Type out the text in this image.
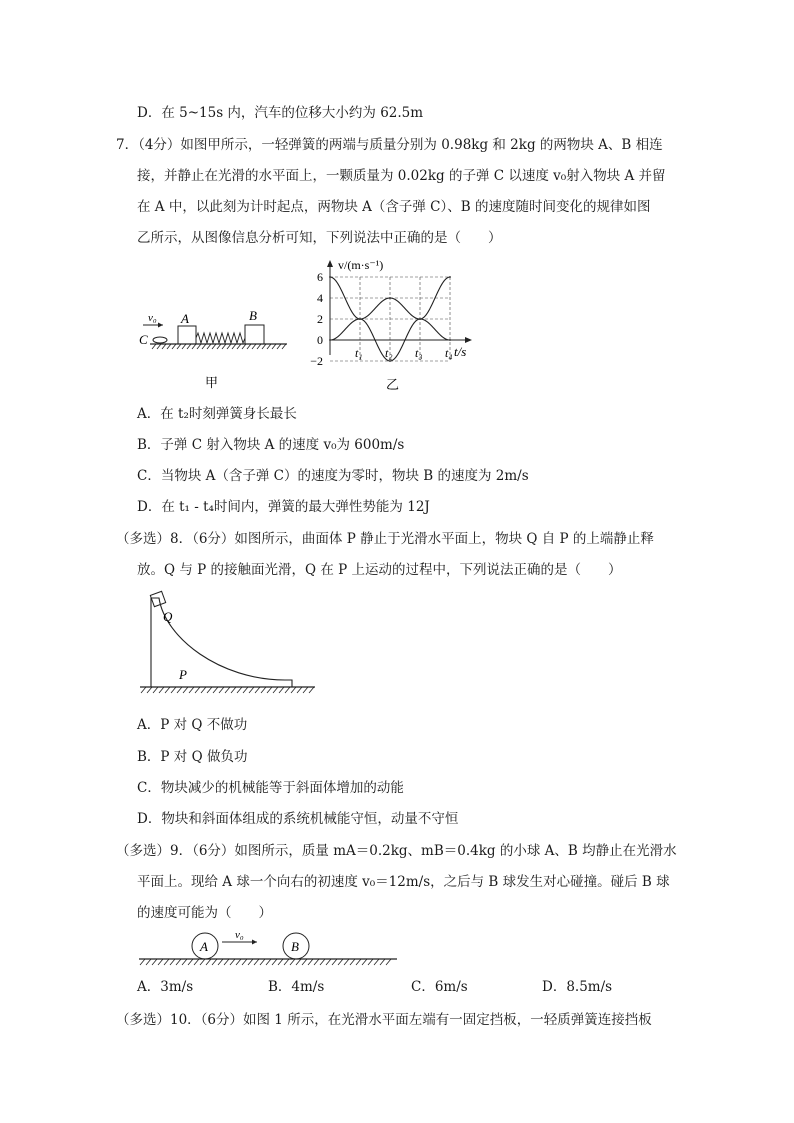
D．在 5~15s 内，汽车的位移大小约为 62.5m
7．（4分）如图甲所示，一轻弹簧的两端与质量分别为 0.98kg 和 2kg 的两物块 A、B 相连
接，并静止在光滑的水平面上，一颗质量为 0.02kg 的子弹 C 以速度 v₀射入物块 A 并留
在 A 中，以此刻为计时起点，两物块 A（含子弹 C）、B 的速度随时间变化的规律如图
乙所示，从图像信息分析可知，下列说法中正确的是（　　）
v₀
C
A	B
甲
6
4
2
0
−2
v/(m·s⁻¹)
t/s
t₁ t₂ t₃ t₄
乙
A．在 t₂时刻弹簧身长最长
B．子弹 C 射入物块 A 的速度 v₀为 600m/s
C．当物块 A（含子弹 C）的速度为零时，物块 B 的速度为 2m/s
D．在 t₁ - t₄时间内，弹簧的最大弹性势能为 12J
（多选）8．（6分）如图所示，曲面体 P 静止于光滑水平面上，物块 Q 自 P 的上端静止释
放。Q 与 P 的接触面光滑，Q 在 P 上运动的过程中，下列说法正确的是（　　）
Q
P
A．P 对 Q 不做功
B．P 对 Q 做负功
C．物块减少的机械能等于斜面体增加的动能
D．物块和斜面体组成的系统机械能守恒，动量不守恒
（多选）9．（6分）如图所示，质量 mA＝0.2kg、mB＝0.4kg 的小球 A、B 均静止在光滑水
平面上。现给 A 球一个向右的初速度 v₀＝12m/s，之后与 B 球发生对心碰撞。碰后 B 球
的速度可能为（　　）
A
v₀
B
A．3m/s	B．4m/s	C．6m/s	D．8.5m/s
（多选）10．（6分）如图 1 所示，在光滑水平面左端有一固定挡板，一轻质弹簧连接挡板
